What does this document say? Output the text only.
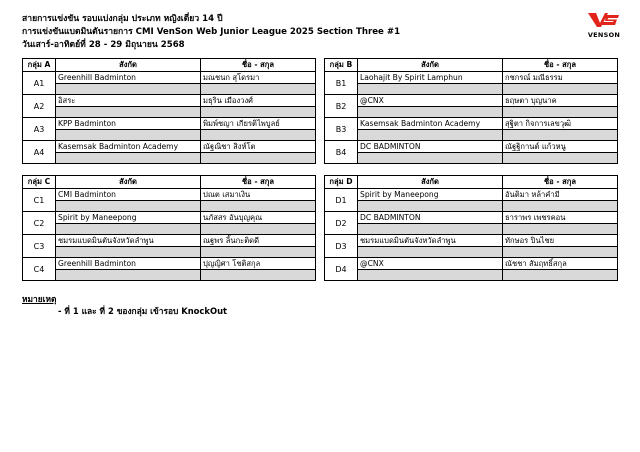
สายการแข่งขัน รอบแบ่งกลุ่ม ประเภท หญิงเดี่ยว 14 ปี
การแข่งขันแบดมินตันรายการ CMI VenSon Web Junior League 2025 Section Three #1
วันเสาร์-อาทิตย์ที่ 28 - 29 มิถุนายน 2568
VENSON
กลุ่ม A	สังกัด	ชื่อ - สกุล
A1	Greenhill Badminton	มณชนก สุโดรมา

A2	อิสระ	มธุริน เมืองวงศ์

A3	KPP Badminton	พิมพ์ชญา เกียรติไพบูลย์

A4	Kasemsak Badminton Academy	ณัฐณิชา สิงห์โต
กลุ่ม B	สังกัด	ชื่อ - สกุล
B1	Laohajit By Spirit Lamphun	กชกรณ์ มณีธรรม

B2	@CNX	ธฤษตา บุญนาค

B3	Kasemsak Badminton Academy	สุฐิตา กิจการเลขวุฒิ

B4	DC BADMINTON	ณัฐฐิกานต์ แก้วหนู
กลุ่ม C	สังกัด	ชื่อ - สกุล
C1	CMI Badminton	ปณต เสมาเงิน

C2	Spirit by Maneepong	นภัสสร อันบุญคุณ

C3	ชมรมแบดมินตันจังหวัดลำพูน	ณฐพร ลิ้นกะติดดี

C4	Greenhill Badminton	ปุญญิศา โชติสกุล
กลุ่ม D	สังกัด	ชื่อ - สกุล
D1	Spirit by Maneepong	อันติมา หล้าคำมี

D2	DC BADMINTON	ธาราพร เพชรคอน

D3	ชมรมแบดมินตันจังหวัดลำพูน	ทักษอร ปินไชย

D4	@CNX	ณัชชา สัมฤทธิ์สกุล
หมายเหตุ
- ที่ 1 และ ที่ 2 ของกลุ่ม เข้ารอบ KnockOut
